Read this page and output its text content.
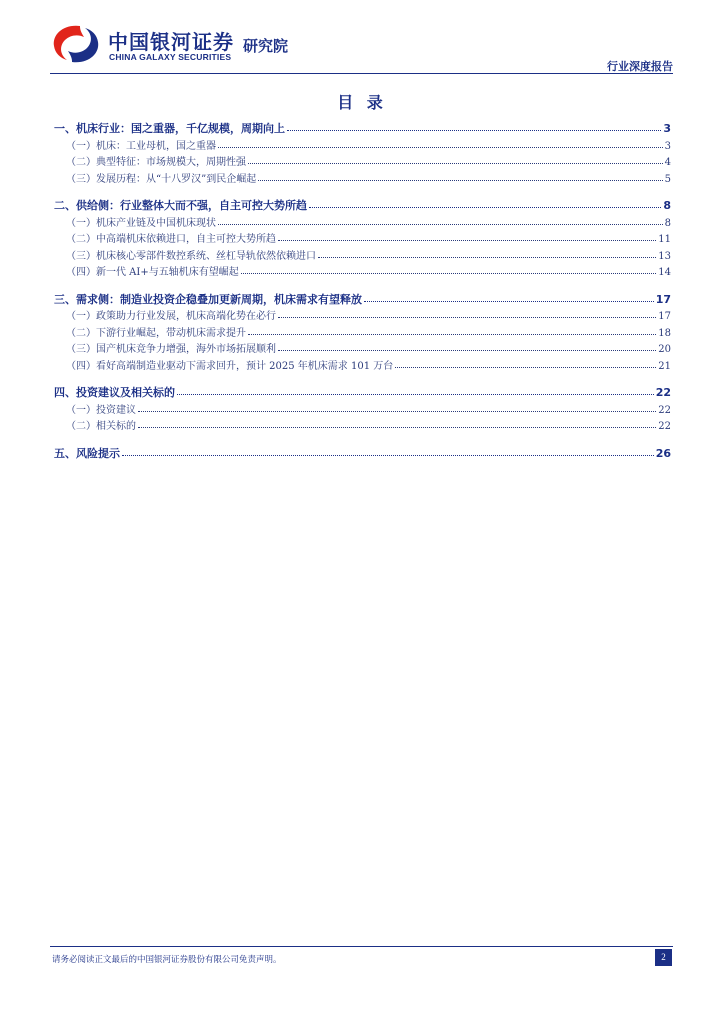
中国银河证券
CHINA GALAXY SECURITIES
研究院
行业深度报告
目 录
一、机床行业：国之重器，千亿规模，周期向上	3
（一）机床：工业母机，国之重器	3
（二）典型特征：市场规模大，周期性强	4
（三）发展历程：从“十八罗汉”到民企崛起	5
二、供给侧：行业整体大而不强，自主可控大势所趋	8
（一）机床产业链及中国机床现状	8
（二）中高端机床依赖进口，自主可控大势所趋	11
（三）机床核心零部件数控系统、丝杠导轨依然依赖进口	13
（四）新一代 AI+与五轴机床有望崛起	14
三、需求侧：制造业投资企稳叠加更新周期，机床需求有望释放	17
（一）政策助力行业发展，机床高端化势在必行	17
（二）下游行业崛起，带动机床需求提升	18
（三）国产机床竞争力增强，海外市场拓展顺利	20
（四）看好高端制造业驱动下需求回升，预计 2025 年机床需求 101 万台	21
四、投资建议及相关标的	22
（一）投资建议	22
（二）相关标的	22
五、风险提示	26
请务必阅读正文最后的中国银河证券股份有限公司免责声明。	2
